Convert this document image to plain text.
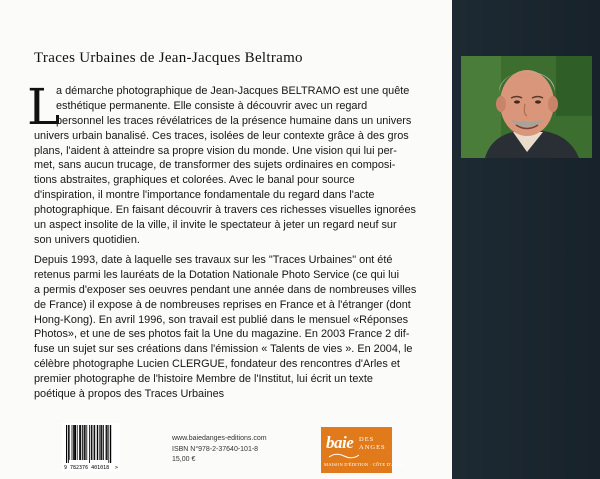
Traces Urbaines de Jean-Jacques Beltramo
L
a démarche photographique de Jean-Jacques BELTRAMO est une quête
esthétique permanente. Elle consiste à découvrir avec un regard
personnel les traces révélatrices de la présence humaine dans un univers
univers urbain banalisé. Ces traces, isolées de leur contexte grâce à des gros
plans, l'aident à atteindre sa propre vision du monde. Une vision qui lui per-
met, sans aucun trucage, de transformer des sujets ordinaires en composi-
tions abstraites, graphiques et colorées. Avec le banal pour source
d'inspiration, il montre l'importance fondamentale du regard dans l'acte
photographique. En faisant découvrir à travers ces richesses visuelles ignorées
un aspect insolite de la ville, il invite le spectateur à jeter un regard neuf sur
son univers quotidien.
Depuis 1993, date à laquelle ses travaux sur les "Traces Urbaines" ont été
retenus parmi les lauréats de la Dotation Nationale Photo Service (ce qui lui
a permis d'exposer ses oeuvres pendant une année dans de nombreuses villes
de France) il expose à de nombreuses reprises en France et à l'étranger (dont
Hong-Kong). En avril 1996, son travail est publié dans le mensuel «Réponses
Photos», et une de ses photos fait la Une du magazine. En 2003 France 2 dif-
fuse un sujet sur ses créations dans l'émission « Talents de vies ». En 2004, le
célèbre photographe Lucien CLERGUE, fondateur des rencontres d'Arles et
premier photographe de l'histoire Membre de l'Institut, lui écrit un texte
poétique à propos des Traces Urbaines
9 782376 401018 >
www.baiedanges-editions.com
ISBN N°978-2-37640-101-8
15,00 €
baie DES
ANGES
MAISON D'ÉDITION · CÔTE D'AZUR
